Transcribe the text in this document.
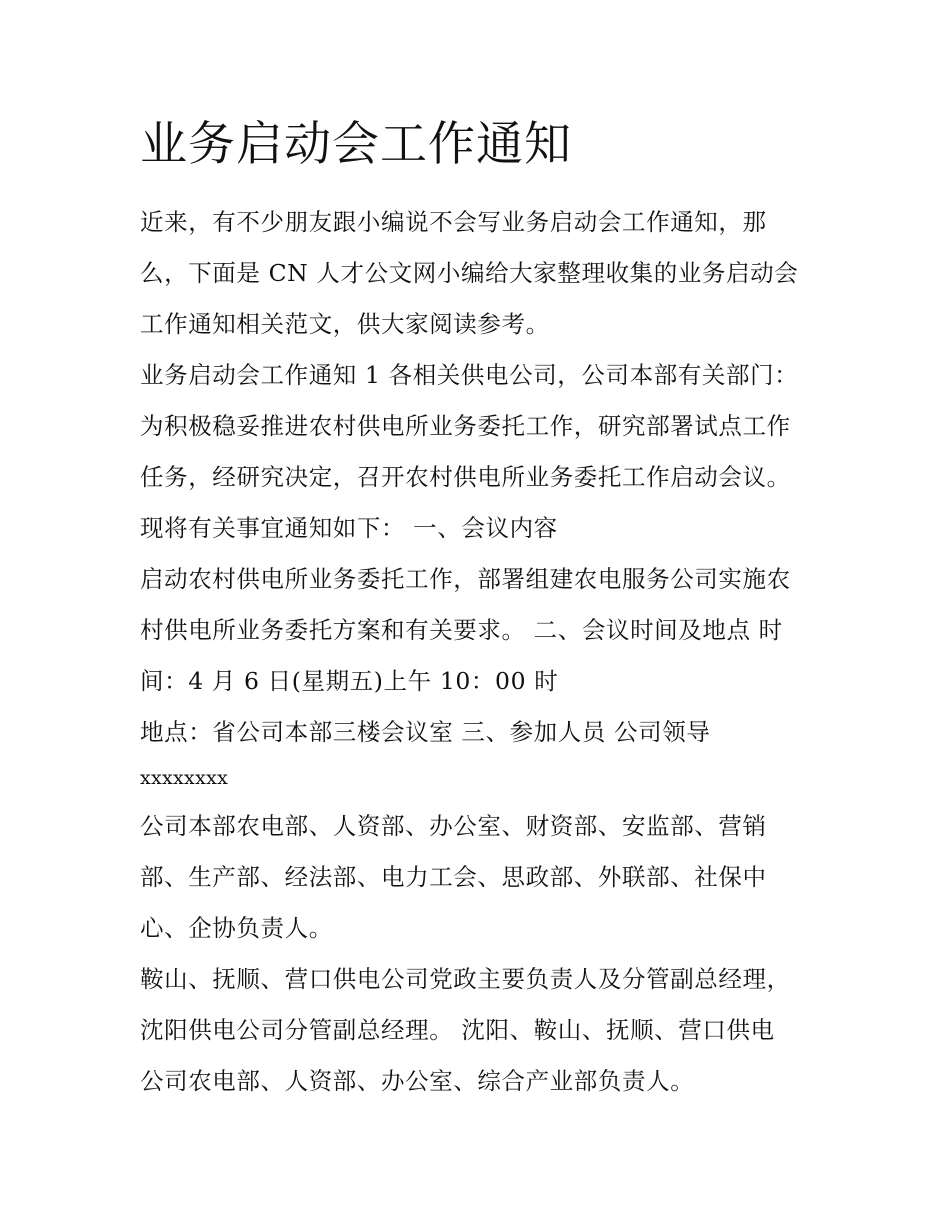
业务启动会工作通知
近来，有不少朋友跟小编说不会写业务启动会工作通知，那
么，下面是 CN 人才公文网小编给大家整理收集的业务启动会
工作通知相关范文，供大家阅读参考。
业务启动会工作通知 1 各相关供电公司，公司本部有关部门：
为积极稳妥推进农村供电所业务委托工作，研究部署试点工作
任务，经研究决定，召开农村供电所业务委托工作启动会议。
现将有关事宜通知如下： 一、会议内容
启动农村供电所业务委托工作，部署组建农电服务公司实施农
村供电所业务委托方案和有关要求。 二、会议时间及地点 时
间：4 月 6 日(星期五)上午 10：00 时
地点：省公司本部三楼会议室 三、参加人员 公司领导
xxxxxxxx
公司本部农电部、人资部、办公室、财资部、安监部、营销
部、生产部、经法部、电力工会、思政部、外联部、社保中
心、企协负责人。
鞍山、抚顺、营口供电公司党政主要负责人及分管副总经理，
沈阳供电公司分管副总经理。 沈阳、鞍山、抚顺、营口供电
公司农电部、人资部、办公室、综合产业部负责人。
